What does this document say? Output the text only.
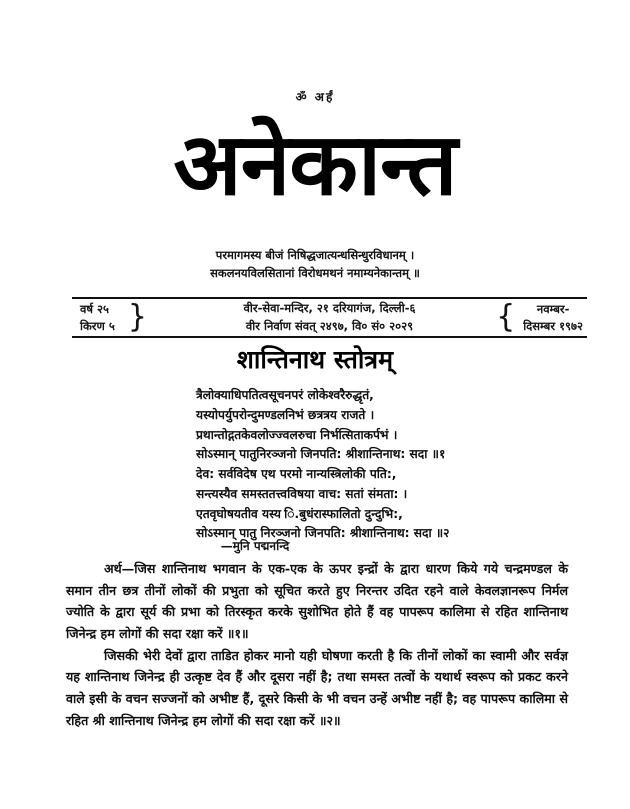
ॐ अर्हं
अनेकान्त
परमागमस्य बीजं निषिद्धजात्यन्धसिन्धुरविधानम् ।
सकलनयविलसितानां विरोधमथनं नमाम्यनेकान्तम् ॥
वर्ष २५
किरण ५ }	वीर-सेवा-मन्दिर, २१ दरियागंज, दिल्ली-६
वीर निर्वाण संवत् २४९७, वि० सं० २०२९	{	नवम्बर-
दिसम्बर १९७२
शान्तिनाथ स्तोत्रम्
त्रैलोक्याधिपतित्वसूचनपरं लोकेश्वरैरुद्धृतं,
यस्योपर्युपरोन्दुमण्डलनिभं छत्रत्रय राजते ।
प्रथान्तोद्गतकेवलोज्ज्वलरुचा निर्भत्सिताकर्पभं ।
सोऽस्मान् पातुनिरञ्जनो जिनपति: श्रीशान्तिनाथ: सदा ॥१
देव: सर्वविदेष एथ परमो नान्यस्त्रिलोकी पति:,
सन्त्यस्यैव समस्ततत्त्वविषया वाच: सतां संमता: ।
एतवृघोषयतीव यस्य ि.बुधंरास्फालितो दुन्दुभि:,
सोऽस्मान् पातु निरञ्जनो जिनपति: श्रीशान्तिनाथ: सदा ॥२
—मुनि पद्मनन्दि

अर्थ—जिस शान्तिनाथ भगवान के एक-एक के ऊपर इन्द्रों के द्वारा धारण किये गये चन्द्रमण्डल के समान तीन छत्र तीनों लोकों की प्रभुता को सूचित करते हुए निरन्तर उदित रहने वाले केवलज्ञानरूप निर्मल ज्योति के द्वारा सूर्य की प्रभा को तिरस्कृत करके सुशोभित होते हैं वह पापरूप कालिमा से रहित शान्तिनाथ जिनेन्द्र हम लोगों की सदा रक्षा करें ॥१॥

जिसकी भेरी देवों द्वारा ताडित होकर मानो यही घोषणा करती है कि तीनों लोकों का स्वामी और सर्वज्ञ यह शान्तिनाथ जिनेन्द्र ही उत्कृष्ट देव हैं और दूसरा नहीं है; तथा समस्त तत्वों के यथार्थ स्वरूप को प्रकट करने वाले इसी के वचन सज्जनों को अभीष्ट हैं, दूसरे किसी के भी वचन उन्हें अभीष्ट नहीं है; वह पापरूप कालिमा से रहित श्री शान्तिनाथ जिनेन्द्र हम लोगों की सदा रक्षा करें ॥२॥
